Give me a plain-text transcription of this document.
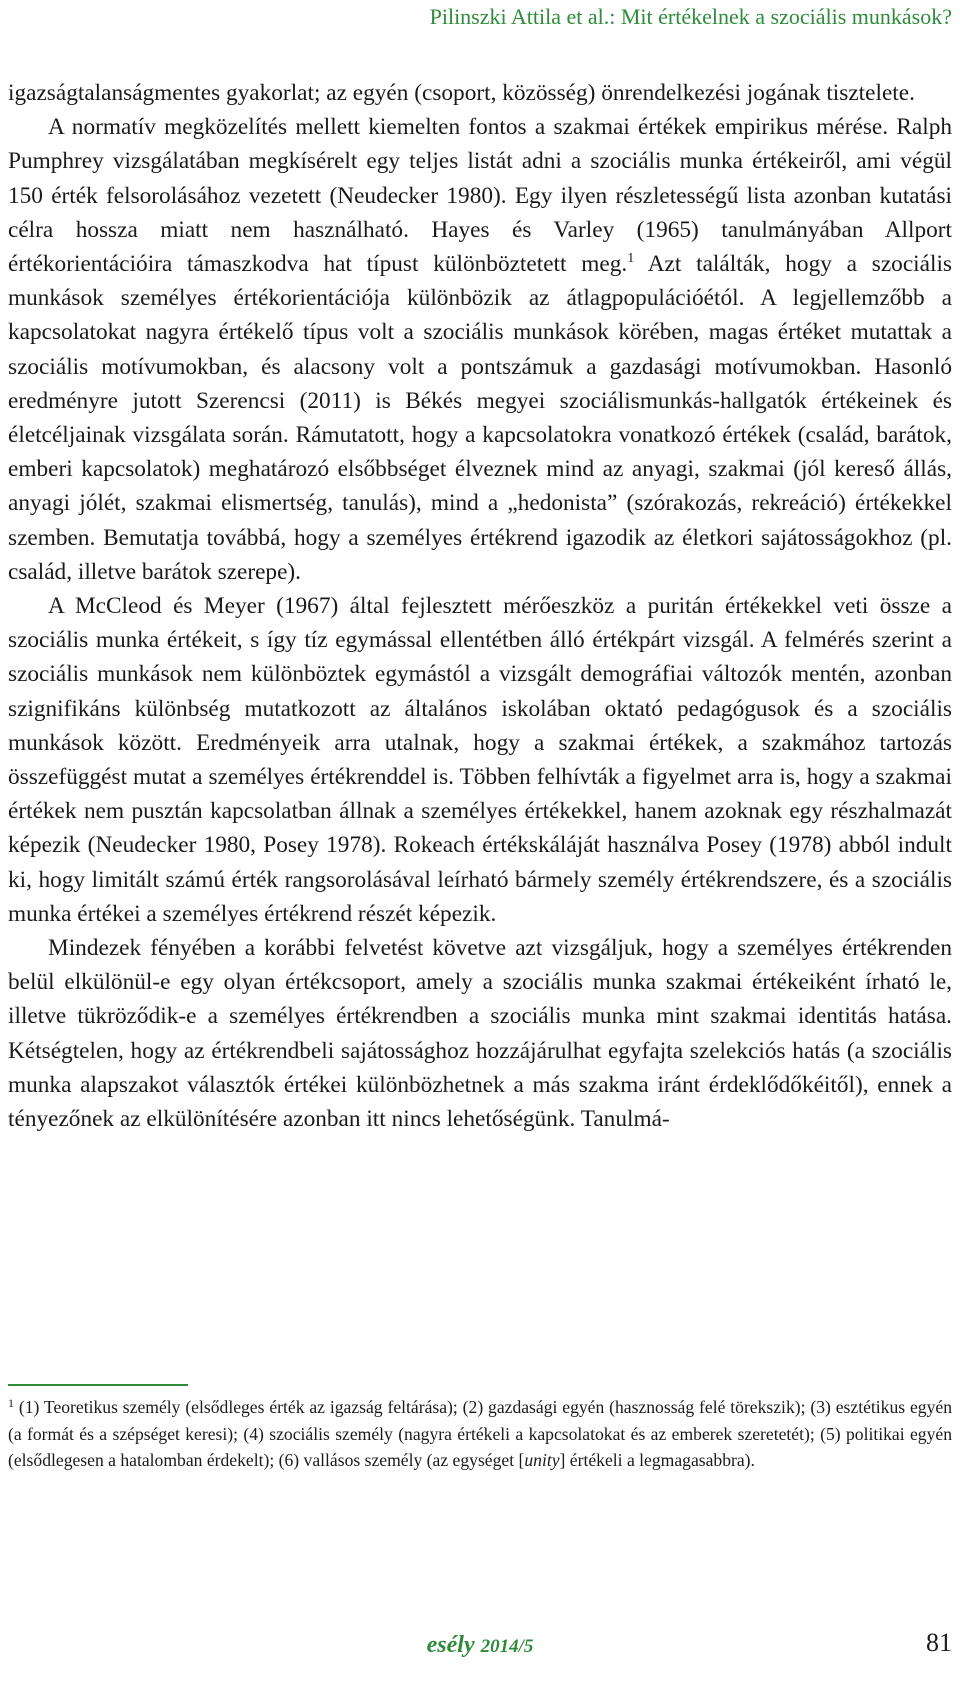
Pilinszki Attila et al.: Mit értékelnek a szociális munkások?

igazságtalanságmentes gyakorlat; az egyén (csoport, közösség) önrendelkezési jogának tisztelete.

A normatív megközelítés mellett kiemelten fontos a szakmai értékek empirikus mérése. Ralph Pumphrey vizsgálatában megkísérelt egy teljes listát adni a szociális munka értékeiről, ami végül 150 érték felsorolásához vezetett (Neudecker 1980). Egy ilyen részletességű lista azonban kutatási célra hossza miatt nem használható. Hayes és Varley (1965) tanulmányában Allport értékorientációira támaszkodva hat típust különböztetett meg.$^1$ Azt találták, hogy a szociális munkások személyes értékorientációja különbözik az átlagpopulációétól. A legjellemzőbb a kapcsolatokat nagyra értékelő típus volt a szociális munkások körében, magas értéket mutattak a szociális motívumokban, és alacsony volt a pontszámuk a gazdasági motívumokban. Hasonló eredményre jutott Szerencsi (2011) is Békés megyei szociálismunkás-hallgatók értékeinek és életcéljainak vizsgálata során. Rámutatott, hogy a kapcsolatokra vonatkozó értékek (család, barátok, emberi kapcsolatok) meghatározó elsőbbséget élveznek mind az anyagi, szakmai (jól kereső állás, anyagi jólét, szakmai elismertség, tanulás), mind a „hedonista” (szórakozás, rekreáció) értékekkel szemben. Bemutatja továbbá, hogy a személyes értékrend igazodik az életkori sajátosságokhoz (pl. család, illetve barátok szerepe).

A McCleod és Meyer (1967) által fejlesztett mérőeszköz a puritán értékekkel veti össze a szociális munka értékeit, s így tíz egymással ellentétben álló értékpárt vizsgál. A felmérés szerint a szociális munkások nem különböztek egymástól a vizsgált demográfiai változók mentén, azonban szignifikáns különbség mutatkozott az általános iskolában oktató pedagógusok és a szociális munkások között. Eredményeik arra utalnak, hogy a szakmai értékek, a szakmához tartozás összefüggést mutat a személyes értékrenddel is. Többen felhívták a figyelmet arra is, hogy a szakmai értékek nem pusztán kapcsolatban állnak a személyes értékekkel, hanem azoknak egy részhalmazát képezik (Neudecker 1980, Posey 1978). Rokeach értékskáláját használva Posey (1978) abból indult ki, hogy limitált számú érték rangsorolásával leírható bármely személy értékrendszere, és a szociális munka értékei a személyes értékrend részét képezik.

Mindezek fényében a korábbi felvetést követve azt vizsgáljuk, hogy a személyes értékrenden belül elkülönül-e egy olyan értékcsoport, amely a szociális munka szakmai értékeiként írható le, illetve tükröződik-e a személyes értékrendben a szociális munka mint szakmai identitás hatása. Kétségtelen, hogy az értékrendbeli sajátossághoz hozzájárulhat egyfajta szelekciós hatás (a szociális munka alapszakot választók értékei különbözhetnek a más szakma iránt érdeklődőkéitől), ennek a tényezőnek az elkülönítésére azonban itt nincs lehetőségünk. Tanulmá-

$^1$ (1) Teoretikus személy (elsődleges érték az igazság feltárása); (2) gazdasági egyén (hasznosság felé törekszik); (3) esztétikus egyén (a formát és a szépséget keresi); (4) szociális személy (nagyra értékeli a kapcsolatokat és az emberek szeretetét); (5) politikai egyén (elsődlegesen a hatalomban érdekelt); (6) vallásos személy (az egységet [unity] értékeli a legmagasabbra).
esély 2014/5	81
